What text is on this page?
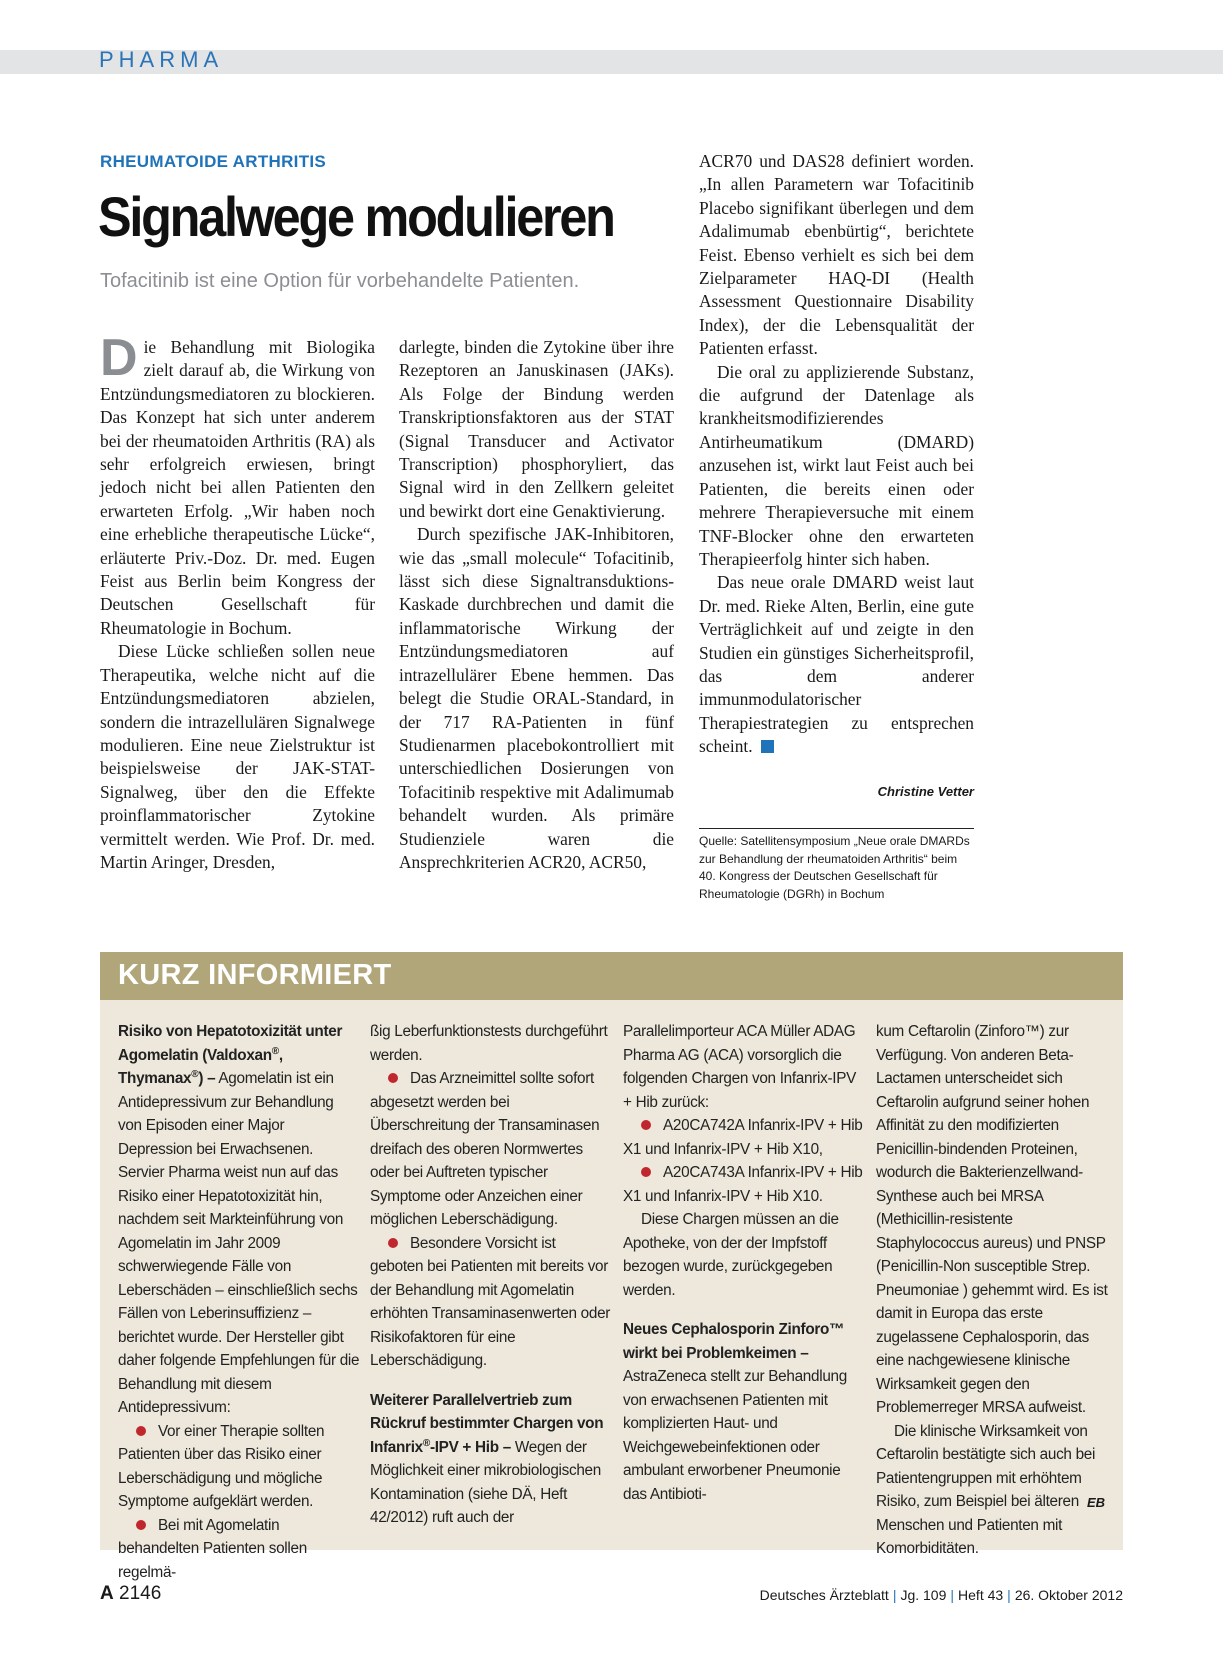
PHARMA
RHEUMATOIDE ARTHRITIS
Signalwege modulieren
Tofacitinib ist eine Option für vorbehandelte Patienten.

Die Behandlung mit Biologika zielt darauf ab, die Wirkung von Entzündungsmediatoren zu blockieren. Das Konzept hat sich unter anderem bei der rheumatoiden Arthritis (RA) als sehr erfolgreich erwiesen, bringt jedoch nicht bei allen Patienten den erwarteten Erfolg. „Wir haben noch eine erhebliche therapeutische Lücke“, erläuterte Priv.-Doz. Dr. med. Eugen Feist aus Berlin beim Kongress der Deutschen Gesellschaft für Rheumatologie in Bochum.

Diese Lücke schließen sollen neue Therapeutika, welche nicht auf die Entzündungsmediatoren abzielen, sondern die intrazellulären Signalwege modulieren. Eine neue Zielstruktur ist beispielsweise der JAK-STAT-Signalweg, über den die Effekte proinflammatorischer Zytokine vermittelt werden. Wie Prof. Dr. med. Martin Aringer, Dresden,

darlegte, binden die Zytokine über ihre Rezeptoren an Januskinasen (JAKs). Als Folge der Bindung werden Transkriptionsfaktoren aus der STAT (Signal Transducer and Activator Transcription) phosphoryliert, das Signal wird in den Zellkern geleitet und bewirkt dort eine Genaktivierung.

Durch spezifische JAK-Inhibitoren, wie das „small molecule“ Tofacitinib, lässt sich diese Signaltransduktions-Kaskade durchbrechen und damit die inflammatorische Wirkung der Entzündungsmediatoren auf intrazellulärer Ebene hemmen. Das belegt die Studie ORAL-Standard, in der 717 RA-Patienten in fünf Studienarmen placebokontrolliert mit unterschiedlichen Dosierungen von Tofacitinib respektive mit Adalimumab behandelt wurden. Als primäre Studienziele waren die Ansprechkriterien ACR20, ACR50,

ACR70 und DAS28 definiert worden. „In allen Parametern war Tofacitinib Placebo signifikant überlegen und dem Adalimumab ebenbürtig“, berichtete Feist. Ebenso verhielt es sich bei dem Zielparameter HAQ-DI (Health Assessment Questionnaire Disability Index), der die Lebensqualität der Patienten erfasst.

Die oral zu applizierende Substanz, die aufgrund der Datenlage als krankheitsmodifizierendes Antirheumatikum (DMARD) anzusehen ist, wirkt laut Feist auch bei Patienten, die bereits einen oder mehrere Therapieversuche mit einem TNF-Blocker ohne den erwarteten Therapieerfolg hinter sich haben.

Das neue orale DMARD weist laut Dr. med. Rieke Alten, Berlin, eine gute Verträglichkeit auf und zeigte in den Studien ein günstiges Sicherheitsprofil, das dem anderer immunmodulatorischer Therapiestrategien zu entsprechen scheint.

Christine Vetter
Quelle: Satellitensymposium „Neue orale DMARDs zur Behandlung der rheumatoiden Arthritis“ beim 40. Kongress der Deutschen Gesellschaft für Rheumatologie (DGRh) in Bochum
KURZ INFORMIERT

Risiko von Hepatotoxizität unter Agomelatin (Valdoxan®, Thymanax®) – Agomelatin ist ein Antidepressivum zur Behandlung von Episoden einer Major Depression bei Erwachsenen. Servier Pharma weist nun auf das Risiko einer Hepatotoxizität hin, nachdem seit Markteinführung von Agomelatin im Jahr 2009 schwerwiegende Fälle von Leberschäden – einschließlich sechs Fällen von Leberinsuffizienz – berichtet wurde. Der Hersteller gibt daher folgende Empfehlungen für die Behandlung mit diesem Antidepressivum:

Vor einer Therapie sollten Patienten über das Risiko einer Leberschädigung und mögliche Symptome aufgeklärt werden.

Bei mit Agomelatin behandelten Patienten sollen regelmä-

ßig Leberfunktionstests durchgeführt werden.

Das Arzneimittel sollte sofort abgesetzt werden bei Überschreitung der Transaminasen dreifach des oberen Normwertes oder bei Auftreten typischer Symptome oder Anzeichen einer möglichen Leberschädigung.

Besondere Vorsicht ist geboten bei Patienten mit bereits vor der Behandlung mit Agomelatin erhöhten Transaminasenwerten oder Risikofaktoren für eine Leberschädigung.

Weiterer Parallelvertrieb zum Rückruf bestimmter Chargen von Infanrix®-IPV + Hib – Wegen der Möglichkeit einer mikrobiologischen Kontamination (siehe DÄ, Heft 42/2012) ruft auch der

Parallelimporteur ACA Müller ADAG Pharma AG (ACA) vorsorglich die folgenden Chargen von Infanrix-IPV + Hib zurück:

A20CA742A Infanrix-IPV + Hib X1 und Infanrix-IPV + Hib X10,

A20CA743A Infanrix-IPV + Hib X1 und Infanrix-IPV + Hib X10.

Diese Chargen müssen an die Apotheke, von der der Impfstoff bezogen wurde, zurückgegeben werden.

Neues Cephalosporin Zinforo™ wirkt bei Problemkeimen – AstraZeneca stellt zur Behandlung von erwachsenen Patienten mit komplizierten Haut- und Weichgewebeinfektionen oder ambulant erworbener Pneumonie das Antibioti-

kum Ceftarolin (Zinforo™) zur Verfügung. Von anderen Beta-Lactamen unterscheidet sich Ceftarolin aufgrund seiner hohen Affinität zu den modifizierten Penicillin-bindenden Proteinen, wodurch die Bakterienzellwand-Synthese auch bei MRSA (Methicillin-resistente Staphylococcus aureus) und PNSP (Penicillin-Non susceptible Strep. Pneumoniae ) gehemmt wird. Es ist damit in Europa das erste zugelassene Cephalosporin, das eine nachgewiesene klinische Wirksamkeit gegen den Problemerreger MRSA aufweist.

Die klinische Wirksamkeit von Ceftarolin bestätigte sich auch bei Patientengruppen mit erhöhtem Risiko, zum Beispiel bei älteren Menschen und Patienten mit Komorbiditäten.

EB
A 2146	Deutsches Ärzteblatt | Jg. 109 | Heft 43 | 26. Oktober 2012
